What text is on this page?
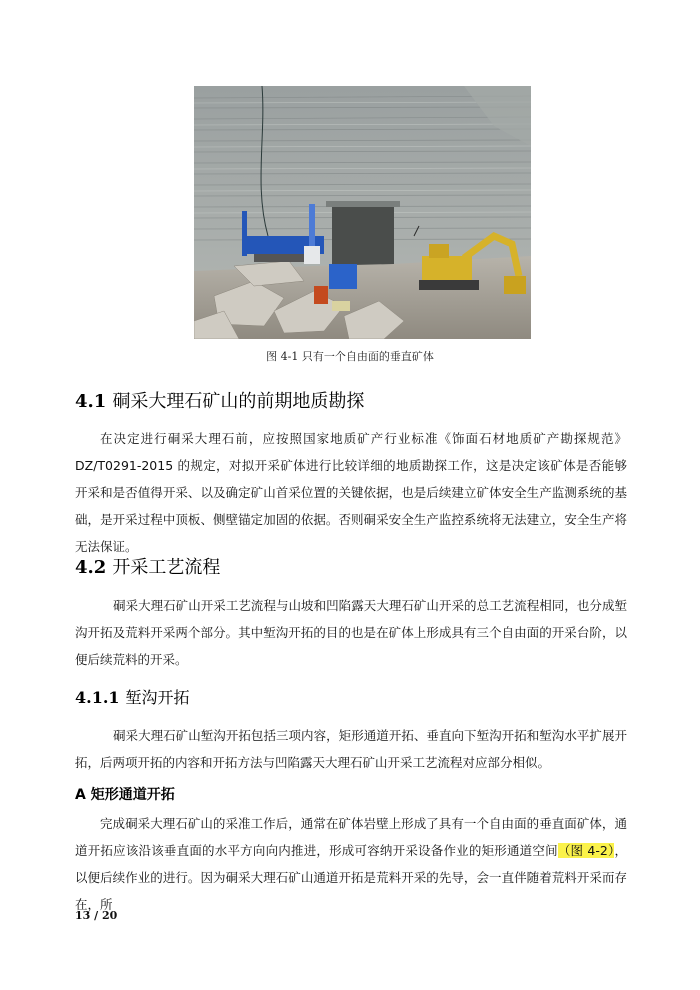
图 4-1 只有一个自由面的垂直矿体
4.1 硐采大理石矿山的前期地质勘探

在决定进行硐采大理石前，应按照国家地质矿产行业标准《饰面石材地质矿产勘探规范》DZ/T0291-2015 的规定，对拟开采矿体进行比较详细的地质勘探工作，这是决定该矿体是否能够开采和是否值得开采、以及确定矿山首采位置的关键依据，也是后续建立矿体安全生产监测系统的基础，是开采过程中顶板、侧壁锚定加固的依据。否则硐采安全生产监控系统将无法建立，安全生产将无法保证。

4.2 开采工艺流程

硐采大理石矿山开采工艺流程与山坡和凹陷露天大理石矿山开采的总工艺流程相同，也分成堑沟开拓及荒料开采两个部分。其中堑沟开拓的目的也是在矿体上形成具有三个自由面的开采台阶，以便后续荒料的开采。

4.1.1 堑沟开拓

硐采大理石矿山堑沟开拓包括三项内容，矩形通道开拓、垂直向下堑沟开拓和堑沟水平扩展开拓，后两项开拓的内容和开拓方法与凹陷露天大理石矿山开采工艺流程对应部分相似。

A 矩形通道开拓

完成硐采大理石矿山的采准工作后，通常在矿体岩壁上形成了具有一个自由面的垂直面矿体，通道开拓应该沿该垂直面的水平方向向内推进，形成可容纳开采设备作业的矩形通道空间（图 4-2），以便后续作业的进行。因为硐采大理石矿山通道开拓是荒料开采的先导，会一直伴随着荒料开采而存在，所

13 / 20
